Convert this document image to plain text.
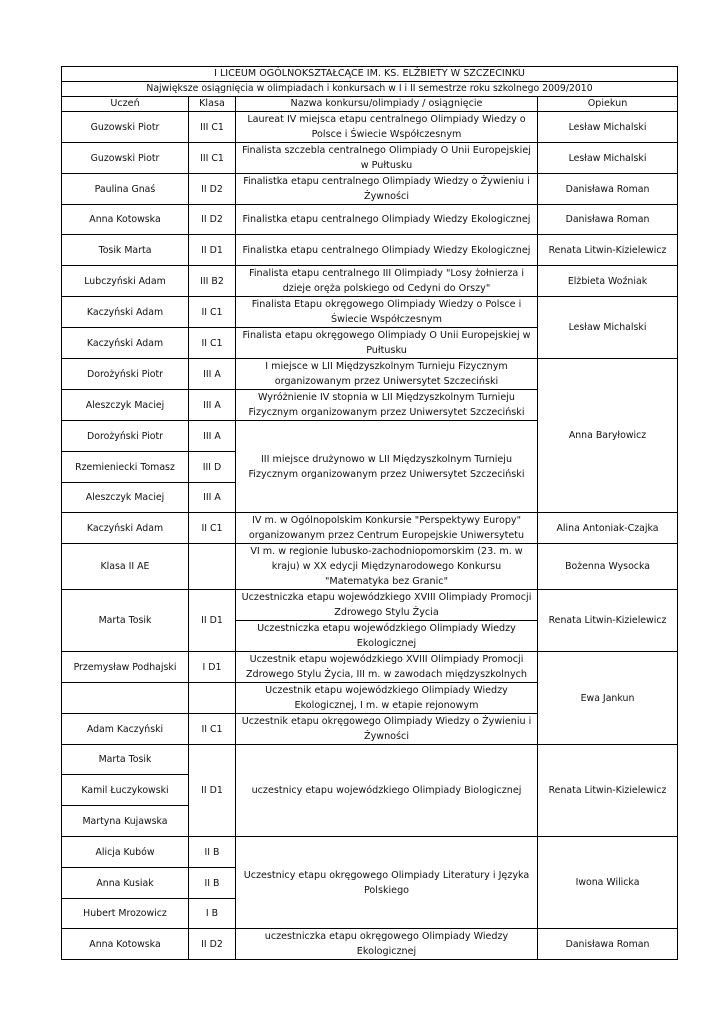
I LICEUM OGÓLNOKSZTAŁCĄCE IM. KS. ELŻBIETY W SZCZECINKU			
Największe osiągnięcia w olimpiadach i konkursach w I i II semestrze roku szkolnego 2009/2010			
Uczeń	Klasa	Nazwa konkursu/olimpiady / osiągnięcie	Opiekun
Guzowski Piotr	III C1	Laureat IV miejsca etapu centralnego Olimpiady Wiedzy o Polsce i Świecie Współczesnym	Lesław Michalski
Guzowski Piotr	III C1	Finalista szczebla centralnego Olimpiady O Unii Europejskiej w Pułtusku	Lesław Michalski
Paulina Gnaś	II D2	Finalistka etapu centralnego Olimpiady Wiedzy o Żywieniu i Żywności	Danisława Roman
Anna Kotowska	II D2	Finalistka etapu centralnego Olimpiady Wiedzy Ekologicznej	Danisława Roman
Tosik Marta	II D1	Finalistka etapu centralnego Olimpiady Wiedzy Ekologicznej	Renata Litwin-Kizielewicz
Lubczyński Adam	III B2	Finalista etapu centralnego III Olimpiady "Losy żołnierza i dzieje oręża polskiego od Cedyni do Orszy"	Elżbieta Woźniak
Kaczyński Adam	II C1	Finalista Etapu okręgowego Olimpiady Wiedzy o Polsce i Świecie Współczesnym	Lesław Michalski
Kaczyński Adam	II C1	Finalista etapu okręgowego Olimpiady O Unii Europejskiej w Pułtusku	
Dorożyński Piotr	III A	I miejsce w LII Międzyszkolnym Turnieju Fizycznym organizowanym przez Uniwersytet Szczeciński	Anna Baryłowicz
Aleszczyk Maciej	III A	Wyróżnienie IV stopnia w LII Międzyszkolnym Turnieju Fizycznym organizowanym przez Uniwersytet Szczeciński	
Dorożyński Piotr	III A	III miejsce drużynowo w LII Międzyszkolnym Turnieju Fizycznym organizowanym przez Uniwersytet Szczeciński	
Rzemieniecki Tomasz	III D		
Aleszczyk Maciej	III A		
Kaczyński Adam	II C1	IV m. w Ogólnopolskim Konkursie "Perspektywy Europy" organizowanym przez Centrum Europejskie Uniwersytetu	Alina Antoniak-Czajka
Klasa II AE		VI m. w regionie lubusko-zachodniopomorskim (23. m. w kraju) w XX edycji Międzynarodowego Konkursu "Matematyka bez Granic"	Bożenna Wysocka
Marta Tosik	II D1	Uczestniczka etapu wojewódzkiego XVIII Olimpiady Promocji Zdrowego Stylu Życia	Renata Litwin-Kizielewicz
		Uczestniczka etapu wojewódzkiego Olimpiady Wiedzy Ekologicznej	
Przemysław Podhajski	I D1	Uczestnik etapu wojewódzkiego XVIII Olimpiady Promocji Zdrowego Stylu Życia, III m. w zawodach międzyszkolnych	Ewa Jankun
		Uczestnik etapu wojewódzkiego Olimpiady Wiedzy Ekologicznej, I m. w etapie rejonowym	
Adam Kaczyński	II C1	Uczestnik etapu okręgowego Olimpiady Wiedzy o Żywieniu i Żywności	
Marta Tosik	II D1	uczestnicy etapu wojewódzkiego Olimpiady Biologicznej	Renata Litwin-Kizielewicz
Kamil Łuczykowski			
Martyna Kujawska			
Alicja Kubów	II B	Uczestnicy etapu okręgowego Olimpiady Literatury i Języka Polskiego	Iwona Wilicka
Anna Kusiak	II B		
Hubert Mrozowicz	I B		
Anna Kotowska	II D2	uczestniczka etapu okręgowego Olimpiady Wiedzy Ekologicznej	Danisława Roman
